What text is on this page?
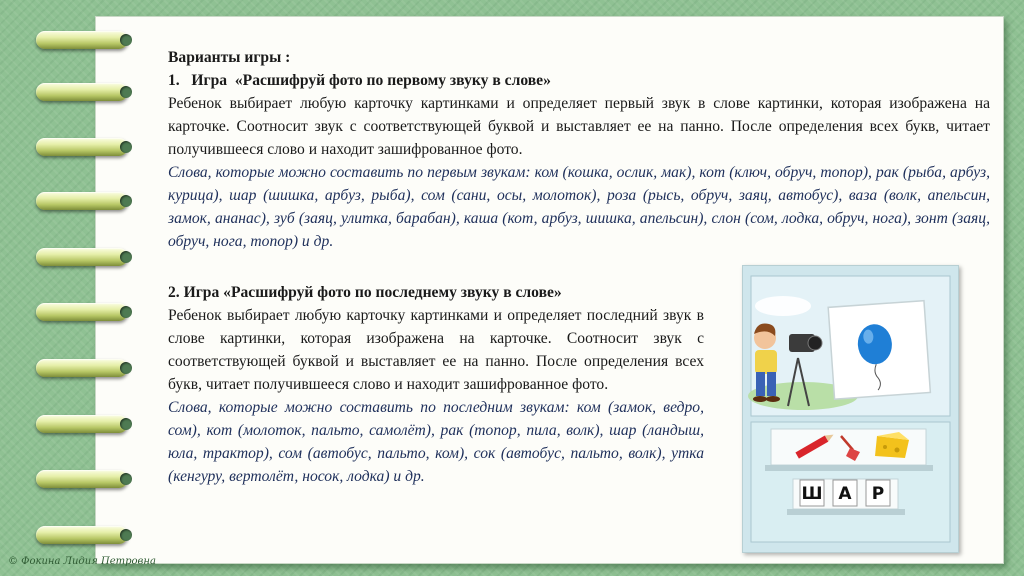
Варианты игры :
1.   Игра  «Расшифруй фото по первому звуку в слове»
Ребенок выбирает любую карточку картинками и определяет первый звук в слове картинки, которая изображена на карточке. Соотносит звук с соответствующей буквой и выставляет ее на панно. После определения всех букв, читает получившееся слово и находит зашифрованное фото.
Слова, которые можно составить по первым звукам: ком (кошка, ослик, мак), кот (ключ, обруч, топор), рак (рыба, арбуз, курица), шар (шишка, арбуз, рыба), сом (сани, осы, молоток), роза (рысь, обруч, заяц, автобус), ваза (волк, апельсин, замок, ананас), зуб (заяц, улитка, барабан), каша (кот, арбуз, шишка, апельсин), слон (сом, лодка, обруч, нога), зонт (заяц, обруч, нога, топор) и др.
2. Игра «Расшифруй фото по последнему звуку в слове»
Ребенок выбирает любую карточку картинками и определяет последний звук в слове картинки, которая изображена на карточке. Соотносит звук с соответствующей буквой и выставляет ее на панно. После определения всех букв, читает получившееся слово и находит зашифрованное фото.
Слова, которые можно составить по последним звукам: ком (замок, ведро, сом), кот (молоток, пальто, самолёт), рак (топор, пила, волк), шар (ландыш, юла, трактор), сом (автобус, пальто, ком), сок (автобус, пальто, волк), утка (кенгуру, вертолёт, носок, лодка) и др.
Ш А Р
© Фокина Лидия Петровна
